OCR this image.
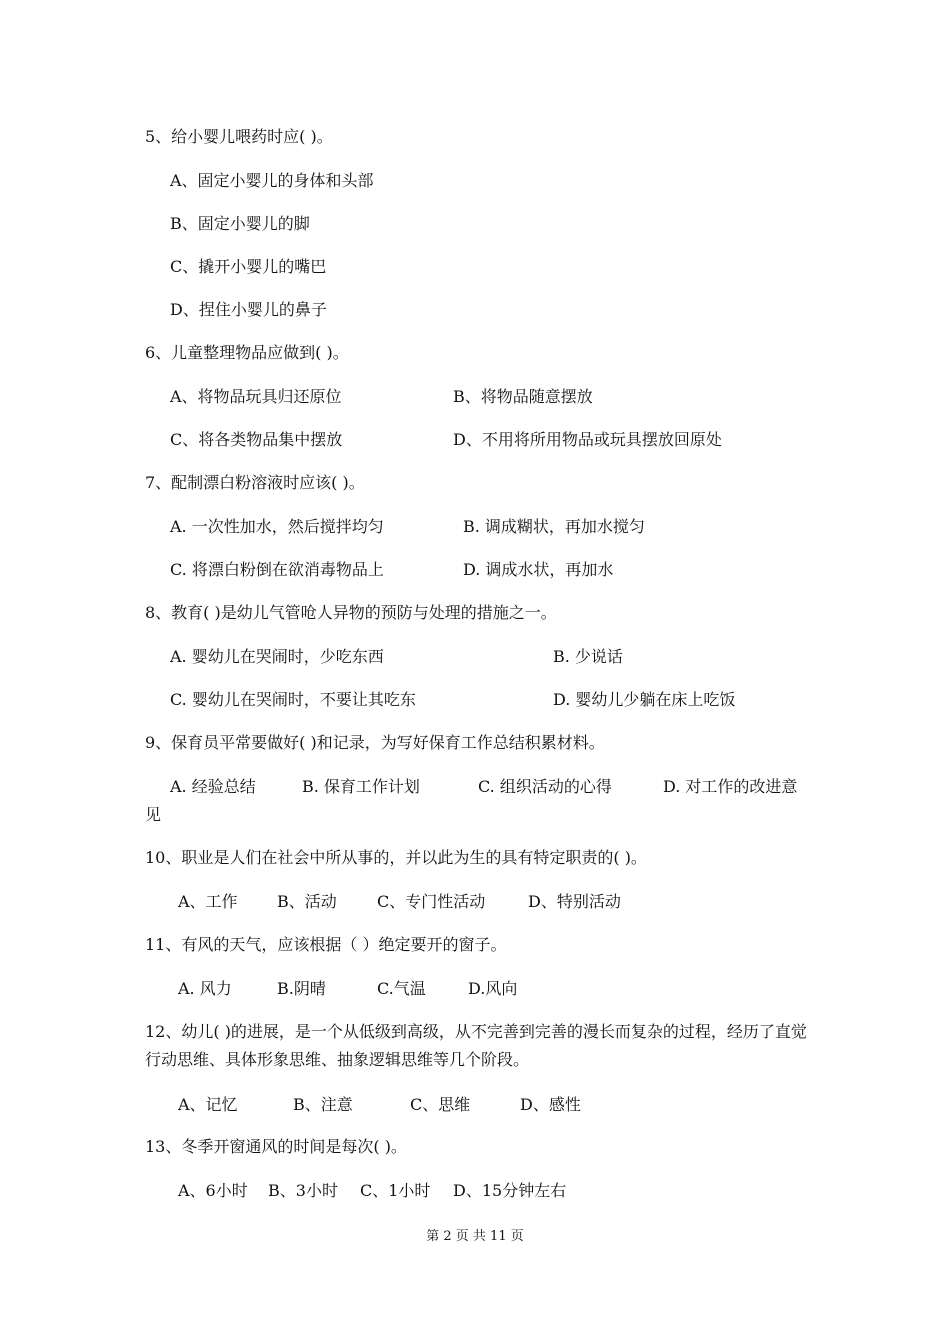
5、给小婴儿喂药时应( )。
A、固定小婴儿的身体和头部
B、固定小婴儿的脚
C、撬开小婴儿的嘴巴
D、捏住小婴儿的鼻子
6、儿童整理物品应做到( )。
A、将物品玩具归还原位	B、将物品随意摆放
C、将各类物品集中摆放	D、不用将所用物品或玩具摆放回原处
7、配制漂白粉溶液时应该( )。
A. 一次性加水，然后搅拌均匀	B. 调成糊状，再加水搅匀
C. 将漂白粉倒在欲消毒物品上	D. 调成水状，再加水
8、教育( )是幼儿气管呛人异物的预防与处理的措施之一。
A. 婴幼儿在哭闹时，少吃东西	B. 少说话
C. 婴幼儿在哭闹时，不要让其吃东	D. 婴幼儿少躺在床上吃饭
9、保育员平常要做好( )和记录，为写好保育工作总结积累材料。
A. 经验总结	B. 保育工作计划	C. 组织活动的心得	D. 对工作的改进意
见
10、职业是人们在社会中所从事的，并以此为生的具有特定职责的( )。
A、工作 B、活动	C、专门性活动	D、特别活动
11、有风的天气，应该根据（ ）绝定要开的窗子。
A. 风力	B.阴晴	C.气温	D.风向
12、幼儿( )的进展，是一个从低级到高级，从不完善到完善的漫长而复杂的过程，经历了直觉行动思维、具体形象思维、抽象逻辑思维等几个阶段。
A、记忆	B、注意	C、思维	D、感性
13、冬季开窗通风的时间是每次( )。
A、6小时 B、3小时 C、1小时 D、15分钟左右
第 2 页 共 11 页
